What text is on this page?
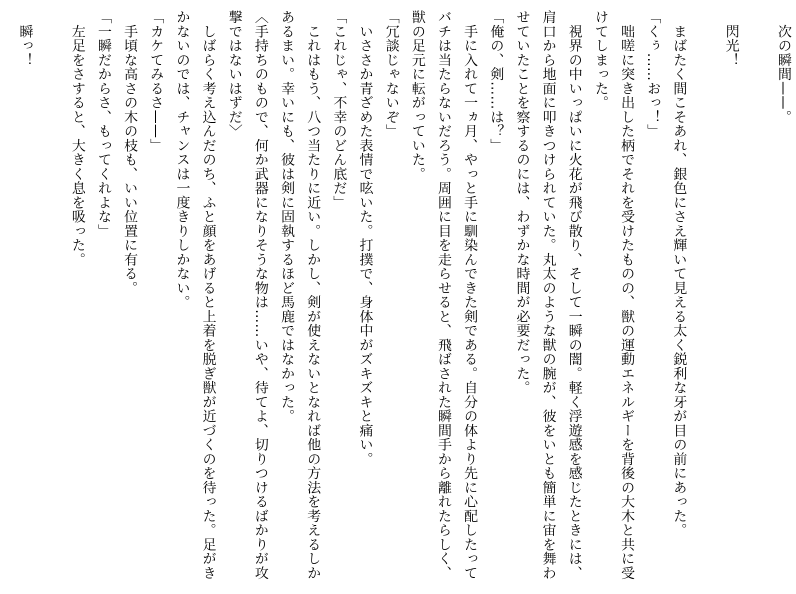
　次の瞬間——。

　閃光！

　まばたく間こそあれ、銀色にさえ輝いて見える太く鋭利な牙が目の前にあった。
「くぅ……おっ！」
　咄嗟に突き出した柄でそれを受けたものの、獣の運動エネルギーを背後の大木と共に受
けてしまった。
　視界の中いっぱいに火花が飛び散り、そして一瞬の闇。軽く浮遊感を感じたときには、
肩口から地面に叩きつけられていた。丸太のような獣の腕が、彼をいとも簡単に宙を舞わ
せていたことを察するのには、わずかな時間が必要だった。
「俺の、剣……は？」
　手に入れて一ヵ月、やっと手に馴染んできた剣である。自分の体より先に心配したって
バチは当たらないだろう。周囲に目を走らせると、飛ばされた瞬間手から離れたらしく、
獣の足元に転がっていた。
「冗談じゃないぞ」
　いささか青ざめた表情で呟いた。打撲で、身体中がズキズキと痛い。
「これじゃ、不幸のどん底だ」
　これはもう、八つ当たりに近い。しかし、剣が使えないとなれば他の方法を考えるしか
あるまい。幸いにも、彼は剣に固執するほど馬鹿ではなかった。
〈手持ちのもので、何か武器になりそうな物は……いや、待てよ、切りつけるばかりが攻
撃ではないはずだ〉
　しばらく考え込んだのち、ふと顔をあげると上着を脱ぎ獣が近づくのを待った。足がき
かないのでは、チャンスは一度きりしかない。
「カケてみるさ——」
　手頃な高さの木の枝も、いい位置に有る。
「一瞬だからさ、もってくれよな」
　左足をさすると、大きく息を吸った。

　瞬っ！
